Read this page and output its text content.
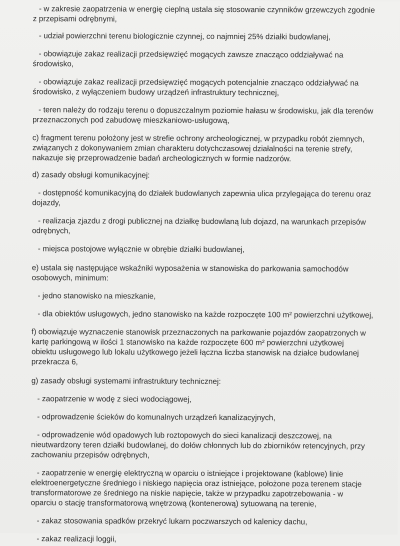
- w zakresie zaopatrzenia w energię cieplną ustala się stosowanie czynników grzewczych zgodnie
z przepisami odrębnymi,
- udział powierzchni terenu biologicznie czynnej, co najmniej 25% działki budowlanej,
- obowiązuje zakaz realizacji przedsięwzięć mogących zawsze znacząco oddziaływać na
środowisko,
- obowiązuje zakaz realizacji przedsięwzięć mogących potencjalnie znacząco oddziaływać na
środowisko, z wyłączeniem budowy urządzeń infrastruktury technicznej,
- teren należy do rodzaju terenu o dopuszczalnym poziomie hałasu w środowisku, jak dla terenów
przeznaczonych pod zabudowę mieszkaniowo-usługową,
c) fragment terenu położony jest w strefie ochrony archeologicznej, w przypadku robót ziemnych,
związanych z dokonywaniem zmian charakteru dotychczasowej działalności na terenie strefy,
nakazuje się przeprowadzenie badań archeologicznych w formie nadzorów.
d) zasady obsługi komunikacyjnej:
- dostępność komunikacyjną do działek budowlanych zapewnia ulica przylegająca do terenu oraz
dojazdy,
- realizacja zjazdu z drogi publicznej na działkę budowlaną lub dojazd, na warunkach przepisów
odrębnych,
- miejsca postojowe wyłącznie w obrębie działki budowlanej,
e) ustala się następujące wskaźniki wyposażenia w stanowiska do parkowania samochodów
osobowych, minimum:
- jedno stanowisko na mieszkanie,
- dla obiektów usługowych, jedno stanowisko na każde rozpoczęte 100 m² powierzchni użytkowej,
f) obowiązuje wyznaczenie stanowisk przeznaczonych na parkowanie pojazdów zaopatrzonych w
kartę parkingową w ilości 1 stanowisko na każde rozpoczęte 600 m² powierzchni użytkowej
obiektu usługowego lub lokalu użytkowego jeżeli łączna liczba stanowisk na działce budowlanej
przekracza 6,
g) zasady obsługi systemami infrastruktury technicznej:
- zaopatrzenie w wodę z sieci wodociągowej,
- odprowadzenie ścieków do komunalnych urządzeń kanalizacyjnych,
- odprowadzenie wód opadowych lub roztopowych do sieci kanalizacji deszczowej, na
nieutwardzony teren działki budowlanej, do dołów chłonnych lub do zbiorników retencyjnych, przy
zachowaniu przepisów odrębnych,
- zaopatrzenie w energię elektryczną w oparciu o istniejące i projektowane (kablowe) linie
elektroenergetyczne średniego i niskiego napięcia oraz istniejące, położone poza terenem stacje
transformatorowe ze średniego na niskie napięcie, także w przypadku zapotrzebowania - w
oparciu o stację transformatorową wnętrzową (kontenerową) sytuowaną na terenie,
- zakaz stosowania spadków przekryć lukarn poczwarszych od kalenicy dachu,
- zakaz realizacji loggii,
